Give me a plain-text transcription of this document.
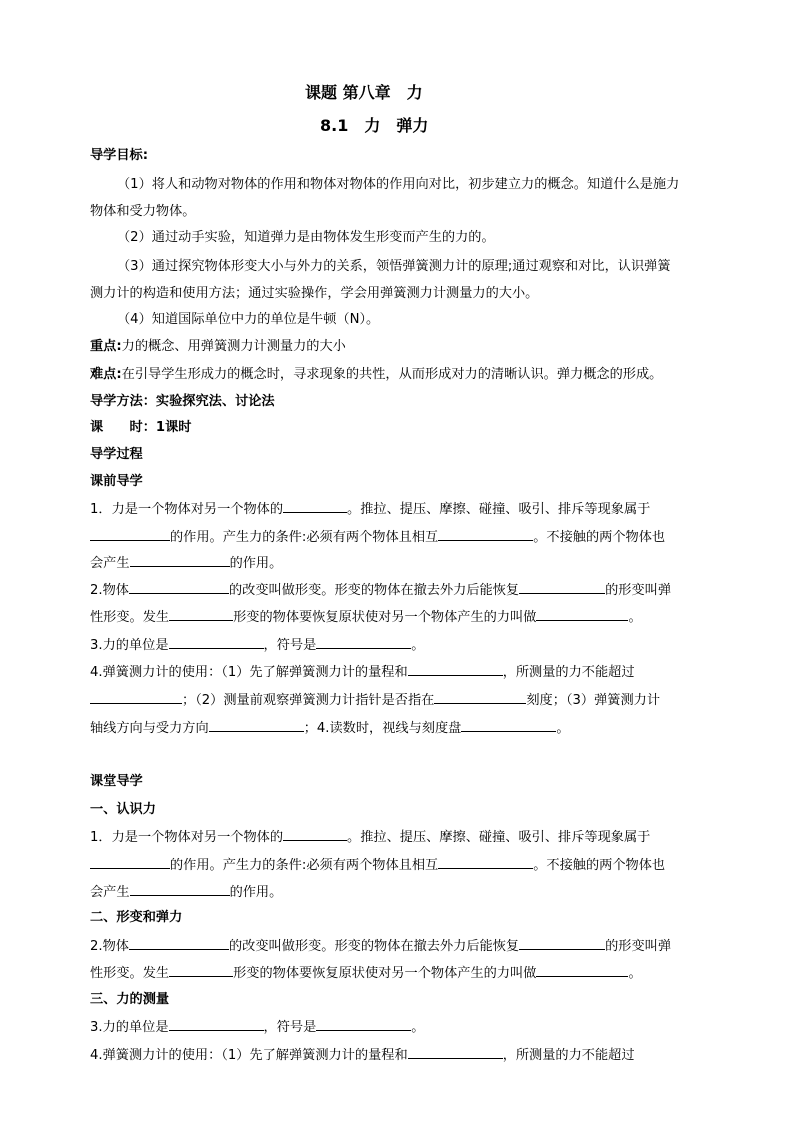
课题 第八章　力
8.1　力　弹力
导学目标:
（1）将人和动物对物体的作用和物体对物体的作用向对比，初步建立力的概念。知道什么是施力
物体和受力物体。
（2）通过动手实验，知道弹力是由物体发生形变而产生的力的。
（3）通过探究物体形变大小与外力的关系，领悟弹簧测力计的原理;通过观察和对比，认识弹簧
测力计的构造和使用方法；通过实验操作，学会用弹簧测力计测量力的大小。
（4）知道国际单位中力的单位是牛顿（N）。
重点:力的概念、用弹簧测力计测量力的大小
难点:在引导学生形成力的概念时，寻求现象的共性，从而形成对力的清晰认识。弹力概念的形成。
导学方法：实验探究法、讨论法
课　　时：1课时
导学过程
课前导学
1．力是一个物体对另一个物体的	。推拉、提压、摩擦、碰撞、吸引、排斥等现象属于
的作用。产生力的条件:必须有两个物体且相互	。不接触的两个物体也
会产生	的作用。
2.物体	的改变叫做形变。形变的物体在撤去外力后能恢复	的形变叫弹
性形变。发生	形变的物体要恢复原状使对另一个物体产生的力叫做	。
3.力的单位是	，符号是	。
4.弹簧测力计的使用：（1）先了解弹簧测力计的量程和	，所测量的力不能超过
；（2）测量前观察弹簧测力计指针是否指在	刻度；（3）弹簧测力计
轴线方向与受力方向	；4.读数时，视线与刻度盘	。
课堂导学
一、认识力
1．力是一个物体对另一个物体的	。推拉、提压、摩擦、碰撞、吸引、排斥等现象属于
的作用。产生力的条件:必须有两个物体且相互	。不接触的两个物体也
会产生	的作用。
二、形变和弹力
2.物体	的改变叫做形变。形变的物体在撤去外力后能恢复	的形变叫弹
性形变。发生	形变的物体要恢复原状使对另一个物体产生的力叫做	。
三、力的测量
3.力的单位是	，符号是	。
4.弹簧测力计的使用：（1）先了解弹簧测力计的量程和	，所测量的力不能超过
